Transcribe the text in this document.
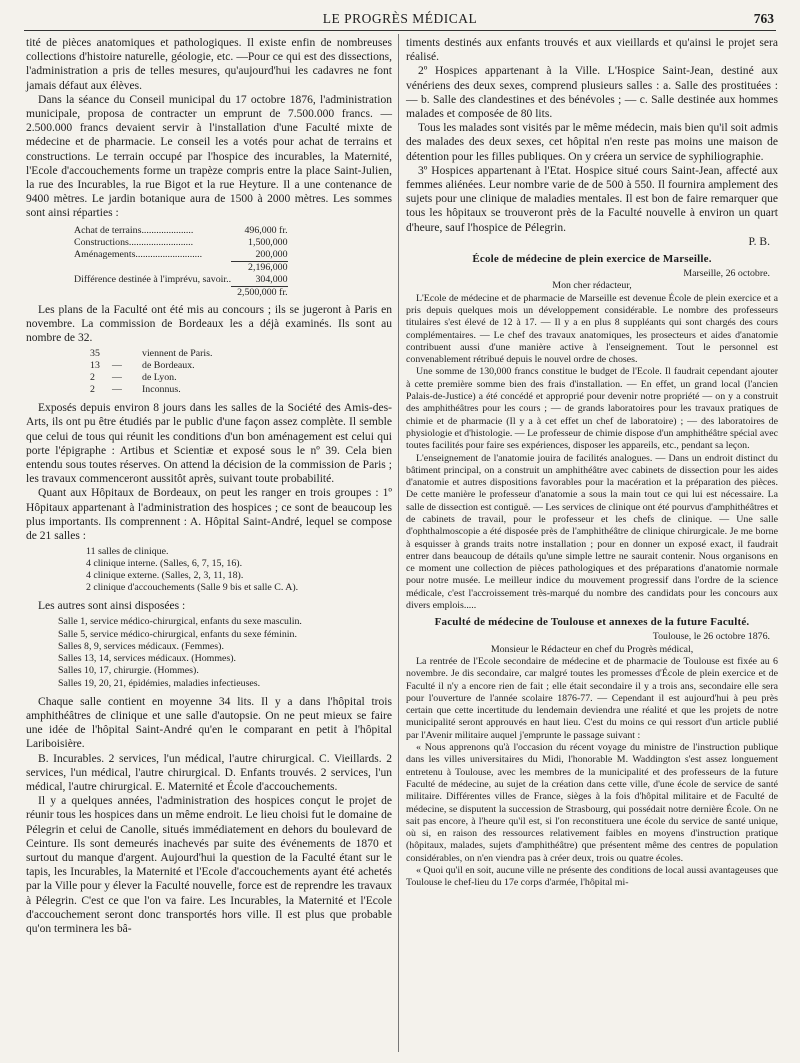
LE PROGRÈS MÉDICAL	763

tité de pièces anatomiques et pathologiques. Il existe enfin de nombreuses collections d'histoire naturelle, géologie, etc. —Pour ce qui est des dissections, l'administration a pris de telles mesures, qu'aujourd'hui les cadavres ne font jamais défaut aux élèves.

Dans la séance du Conseil municipal du 17 octobre 1876, l'administration municipale, proposa de contracter un emprunt de 7.500.000 francs. — 2.500.000 francs devaient servir à l'installation d'une Faculté mixte de médecine et de pharmacie. Le conseil les a votés pour achat de terrains et constructions. Le terrain occupé par l'hospice des incurables, la Maternité, l'Ecole d'accouchements forme un trapèze compris entre la place Saint-Julien, la rue des Incurables, la rue Bigot et la rue Heyture. Il a une contenance de 9400 mètres. Le jardin botanique aura de 1500 à 2000 mètres. Les sommes sont ainsi réparties :

Achat de terrains.....................	496,000 fr.
Constructions..........................	1,500,000
Aménagements...........................	200,000
	2,196,000
Différence destinée à l'imprévu, savoir..	304,000
	2,500,000 fr.

Les plans de la Faculté ont été mis au concours ; ils se jugeront à Paris en novembre. La commission de Bordeaux les a déjà examinés. Ils sont au nombre de 32.

35	viennent de Paris.
13 — de Bordeaux.
2 — de Lyon.
2 — Inconnus.

Exposés depuis environ 8 jours dans les salles de la Société des Amis-des-Arts, ils ont pu être étudiés par le public d'une façon assez complète. Il semble que celui de tous qui réunit les conditions d'un bon aménagement est celui qui porte l'épigraphe : Artibus et Scientiæ et exposé sous le nº 39. Cela bien entendu sous toutes réserves. On attend la décision de la commission de Paris ; les travaux commenceront aussitôt après, suivant toute probabilité.

Quant aux Hôpitaux de Bordeaux, on peut les ranger en trois groupes : 1º Hôpitaux appartenant à l'administration des hospices ; ce sont de beaucoup les plus importants. Ils comprennent : A. Hôpital Saint-André, lequel se compose de 21 salles :

11 salles de clinique.
4 clinique interne. (Salles, 6, 7, 15, 16).
4 clinique externe. (Salles, 2, 3, 11, 18).
2 clinique d'accouchements (Salle 9 bis et salle C. A).

Les autres sont ainsi disposées :

Salle 1, service médico-chirurgical, enfants du sexe masculin.
Salle 5, service médico-chirurgical, enfants du sexe féminin.
Salles 8, 9, services médicaux. (Femmes).
Salles 13, 14, services médicaux. (Hommes).
Salles 10, 17, chirurgie. (Hommes).
Salles 19, 20, 21, épidémies, maladies infectieuses.

Chaque salle contient en moyenne 34 lits. Il y a dans l'hôpital trois amphithéâtres de clinique et une salle d'autopsie. On ne peut mieux se faire une idée de l'hôpital Saint-André qu'en le comparant en petit à l'hôpital Lariboisière.

B. Incurables. 2 services, l'un médical, l'autre chirurgical. C. Vieillards. 2 services, l'un médical, l'autre chirurgical. D. Enfants trouvés. 2 services, l'un médical, l'autre chirurgical. E. Maternité et École d'accouchements.

Il y a quelques années, l'administration des hospices conçut le projet de réunir tous les hospices dans un même endroit. Le lieu choisi fut le domaine de Pélegrin et celui de Canolle, situés immédiatement en dehors du boulevard de Ceinture. Ils sont demeurés inachevés par suite des événements de 1870 et surtout du manque d'argent. Aujourd'hui la question de la Faculté étant sur le tapis, les Incurables, la Maternité et l'Ecole d'accouchements ayant été achetés par la Ville pour y élever la Faculté nouvelle, force est de reprendre les travaux à Pélegrin. C'est ce que l'on va faire. Les Incurables, la Maternité et l'Ecole d'accouchement seront donc transportés hors ville. Il est plus que probable qu'on terminera les bâ-

timents destinés aux enfants trouvés et aux vieillards et qu'ainsi le projet sera réalisé.

2º Hospices appartenant à la Ville. L'Hospice Saint-Jean, destiné aux vénériens des deux sexes, comprend plusieurs salles : a. Salle des prostituées : — b. Salle des clandestines et des bénévoles ; — c. Salle destinée aux hommes malades et composée de 80 lits.

Tous les malades sont visités par le même médecin, mais bien qu'il soit admis des malades des deux sexes, cet hôpital n'en reste pas moins une maison de détention pour les filles publiques. On y créera un service de syphiliographie.

3º Hospices appartenant à l'Etat. Hospice situé cours Saint-Jean, affecté aux femmes aliénées. Leur nombre varie de de 500 à 550. Il fournira amplement des sujets pour une clinique de maladies mentales. Il est bon de faire remarquer que tous les hôpitaux se trouveront près de la Faculté nouvelle à environ un quart d'heure, sauf l'hospice de Pélegrin.

P. B.
École de médecine de plein exercice de Marseille.
Marseille, 26 octobre.
Mon cher rédacteur,

L'Ecole de médecine et de pharmacie de Marseille est devenue École de plein exercice et a pris depuis quelques mois un développement considérable. Le nombre des professeurs titulaires s'est élevé de 12 à 17. — Il y a en plus 8 suppléants qui sont chargés des cours complémentaires. — Le chef des travaux anatomiques, les prosecteurs et aides d'anatomie contribuent aussi d'une manière active à l'enseignement. Tout le personnel est convenablement rétribué depuis le nouvel ordre de choses.

Une somme de 130,000 francs constitue le budget de l'Ecole. Il faudrait cependant ajouter à cette première somme bien des frais d'installation. — En effet, un grand local (l'ancien Palais-de-Justice) a été concédé et approprié pour devenir notre propriété — on y a construit des amphithéâtres pour les cours ; — de grands laboratoires pour les travaux pratiques de chimie et de pharmacie (Il y a à cet effet un chef de laboratoire) ; — des laboratoires de physiologie et d'histologie. — Le professeur de chimie dispose d'un amphithéâtre spécial avec toutes facilités pour faire ses expériences, disposer les appareils, etc., pendant sa leçon.

L'enseignement de l'anatomie jouira de facilités analogues. — Dans un endroit distinct du bâtiment principal, on a construit un amphithéâtre avec cabinets de dissection pour les aides d'anatomie et autres dispositions favorables pour la macération et la préparation des pièces. De cette manière le professeur d'anatomie a sous la main tout ce qui lui est nécessaire. La salle de dissection est contiguë. — Les services de clinique ont été pourvus d'amphithéâtres et de cabinets de travail, pour le professeur et les chefs de clinique. — Une salle d'ophthalmoscopie a été disposée près de l'amphithéâtre de clinique chirurgicale. Je me borne à esquisser à grands traits notre installation ; pour en donner un exposé exact, il faudrait entrer dans beaucoup de détails qu'une simple lettre ne saurait contenir. Nous organisons en ce moment une collection de pièces pathologiques et des préparations d'anatomie normale pour notre musée. Le meilleur indice du mouvement progressif dans l'ordre de la science médicale, c'est l'accroissement très-marqué du nombre des candidats pour les concours aux divers emplois.....

Faculté de médecine de Toulouse et annexes de la future Faculté.
Toulouse, le 26 octobre 1876.
Monsieur le Rédacteur en chef du Progrès médical,

La rentrée de l'Ecole secondaire de médecine et de pharmacie de Toulouse est fixée au 6 novembre. Je dis secondaire, car malgré toutes les promesses d'École de plein exercice et de Faculté il n'y a encore rien de fait ; elle était secondaire il y a trois ans, secondaire elle sera pour l'ouverture de l'année scolaire 1876-77. — Cependant il est aujourd'hui à peu près certain que cette incertitude du lendemain deviendra une réalité et que les projets de notre municipalité seront approuvés en haut lieu. C'est du moins ce qui ressort d'un article publié par l'Avenir militaire auquel j'emprunte le passage suivant :

« Nous apprenons qu'à l'occasion du récent voyage du ministre de l'instruction publique dans les villes universitaires du Midi, l'honorable M. Waddington s'est assez longuement entretenu à Toulouse, avec les membres de la municipalité et des professeurs de la future Faculté de médecine, au sujet de la création dans cette ville, d'une école de service de santé militaire. Différentes villes de France, sièges à la fois d'hôpital militaire et de Faculté de médecine, se disputent la succession de Strasbourg, qui possédait notre dernière École. On ne sait pas encore, à l'heure qu'il est, si l'on reconstituera une école du service de santé unique, où si, en raison des ressources relativement faibles en moyens d'instruction pratique (hôpitaux, malades, sujets d'amphithéâtre) que présentent même des centres de population considérables, on n'en viendra pas à créer deux, trois ou quatre écoles.

« Quoi qu'il en soit, aucune ville ne présente des conditions de local aussi avantageuses que Toulouse le chef-lieu du 17e corps d'armée, l'hôpital mi-
